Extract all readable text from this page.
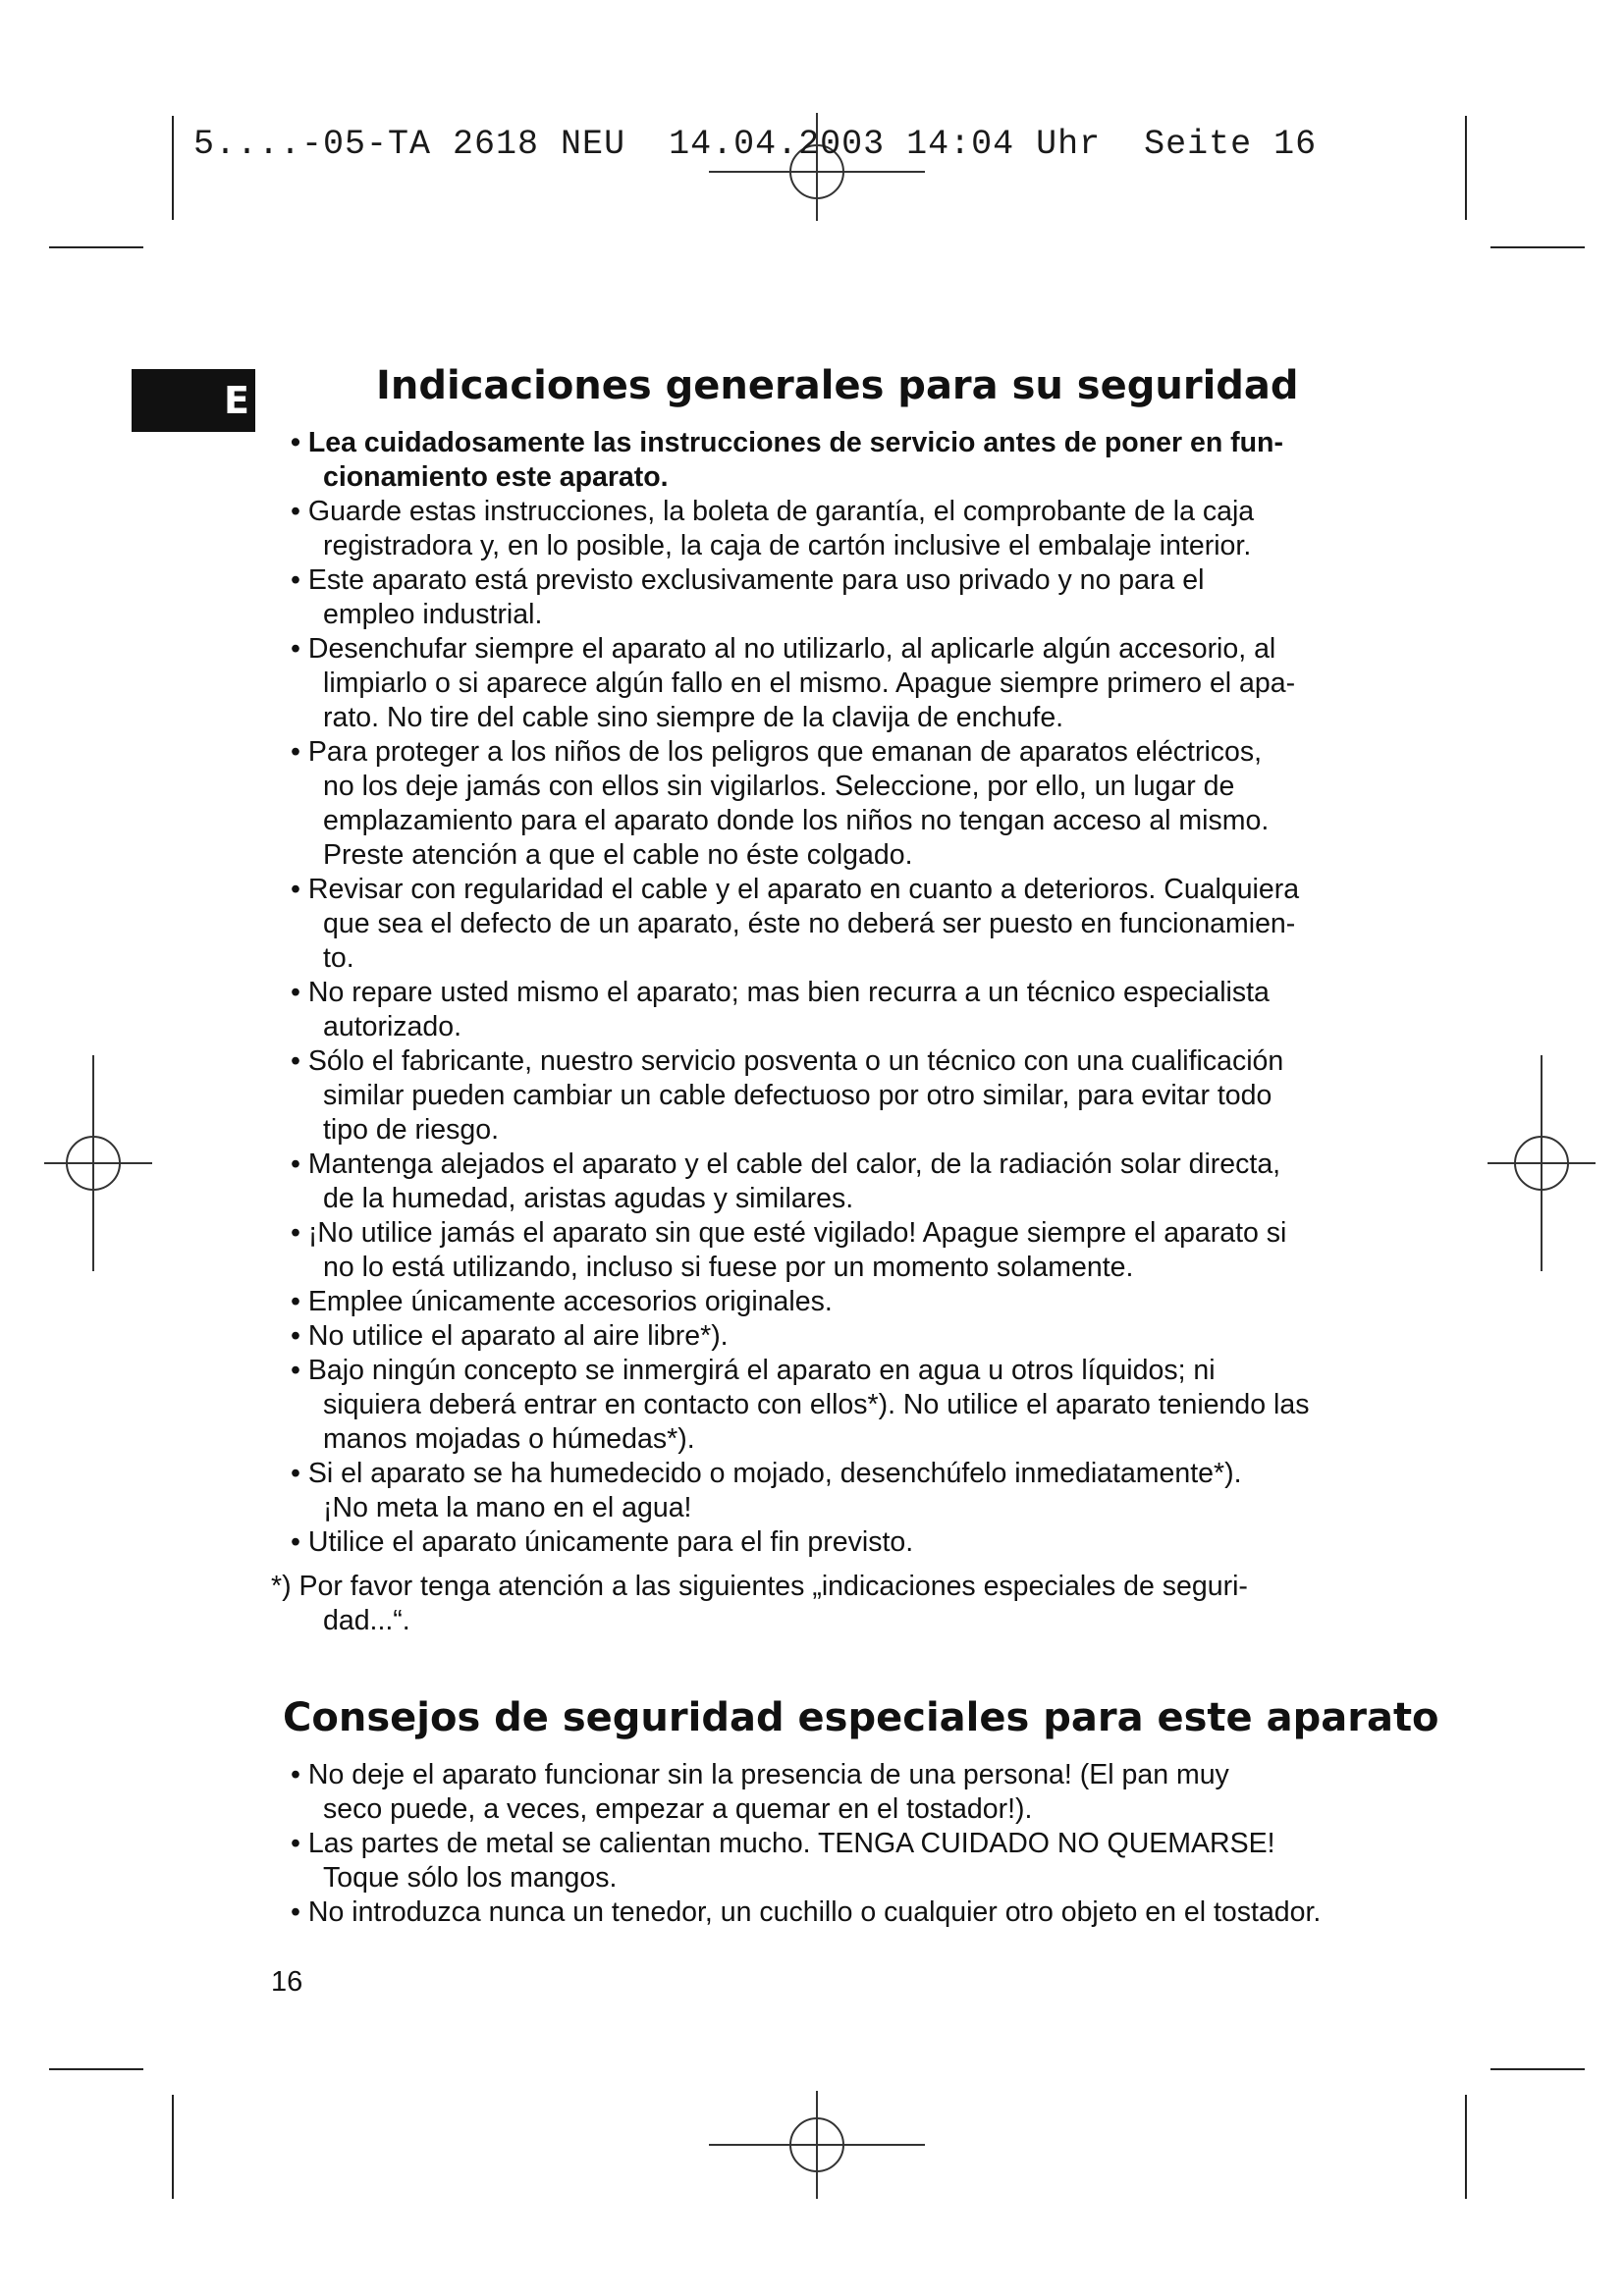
5....-05-TA 2618 NEU  14.04.2003 14:04 Uhr  Seite 16
E	Indicaciones generales para su seguridad
• Lea cuidadosamente las instrucciones de servicio antes de poner en fun-
cionamiento este aparato.
• Guarde estas instrucciones, la boleta de garantía, el comprobante de la caja
registradora y, en lo posible, la caja de cartón inclusive el embalaje interior.
• Este aparato está previsto exclusivamente para uso privado y no para el
empleo industrial.
• Desenchufar siempre el aparato al no utilizarlo, al aplicarle algún accesorio, al
limpiarlo o si aparece algún fallo en el mismo. Apague siempre primero el apa-
rato. No tire del cable sino siempre de la clavija de enchufe.
• Para proteger a los niños de los peligros que emanan de aparatos eléctricos,
no los deje jamás con ellos sin vigilarlos. Seleccione, por ello, un lugar de
emplazamiento para el aparato donde los niños no tengan acceso al mismo.
Preste atención a que el cable no éste colgado.
• Revisar con regularidad el cable y el aparato en cuanto a deterioros. Cualquiera
que sea el defecto de un aparato, éste no deberá ser puesto en funcionamien-
to.
• No repare usted mismo el aparato; mas bien recurra a un técnico especialista
autorizado.
• Sólo el fabricante, nuestro servicio posventa o un técnico con una cualificación
similar pueden cambiar un cable defectuoso por otro similar, para evitar todo
tipo de riesgo.
• Mantenga alejados el aparato y el cable del calor, de la radiación solar directa,
de la humedad, aristas agudas y similares.
• ¡No utilice jamás el aparato sin que esté vigilado! Apague siempre el aparato si
no lo está utilizando, incluso si fuese por un momento solamente.
• Emplee únicamente accesorios originales.
• No utilice el aparato al aire libre*).
• Bajo ningún concepto se inmergirá el aparato en agua u otros líquidos; ni
siquiera deberá entrar en contacto con ellos*). No utilice el aparato teniendo las
manos mojadas o húmedas*).
• Si el aparato se ha humedecido o mojado, desenchúfelo inmediatamente*).
¡No meta la mano en el agua!
• Utilice el aparato únicamente para el fin previsto.
*) Por favor tenga atención a las siguientes „indicaciones especiales de seguri-
dad...“.
Consejos de seguridad especiales para este aparato
• No deje el aparato funcionar sin la presencia de una persona! (El pan muy
seco puede, a veces, empezar a quemar en el tostador!).
• Las partes de metal se calientan mucho. TENGA CUIDADO NO QUEMARSE!
Toque sólo los mangos.
• No introduzca nunca un tenedor, un cuchillo o cualquier otro objeto en el tostador.
16
